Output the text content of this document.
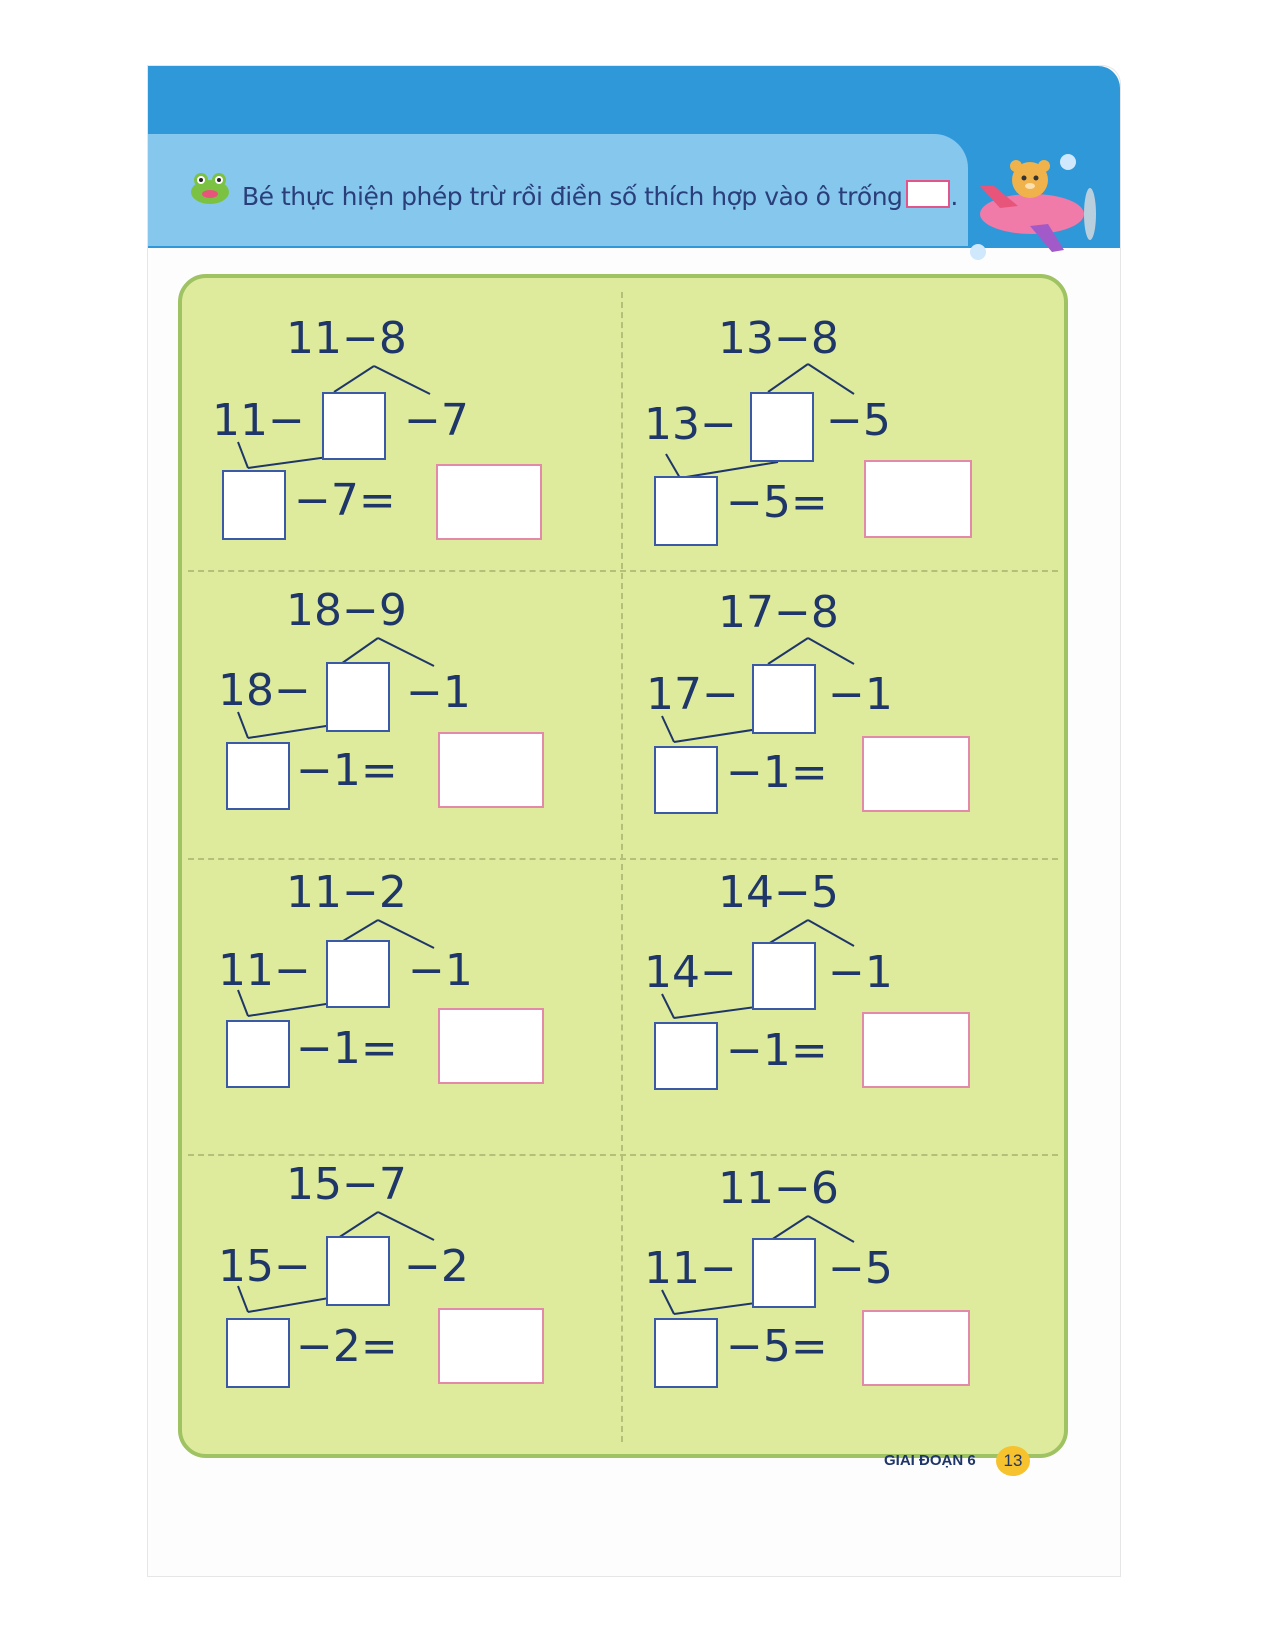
Bé thực hiện phép trừ rồi điền số thích hợp vào ô trống .
11−8
11− −7
−7=
13−8
13− −5
−5=
18−9
18− −1
−1=
17−8
17− −1
−1=
11−2
11− −1
−1=
14−5
14− −1
−1=
15−7
15− −2
−2=
11−6
11− −5
−5=
GIAI ĐOẠN 6	13
